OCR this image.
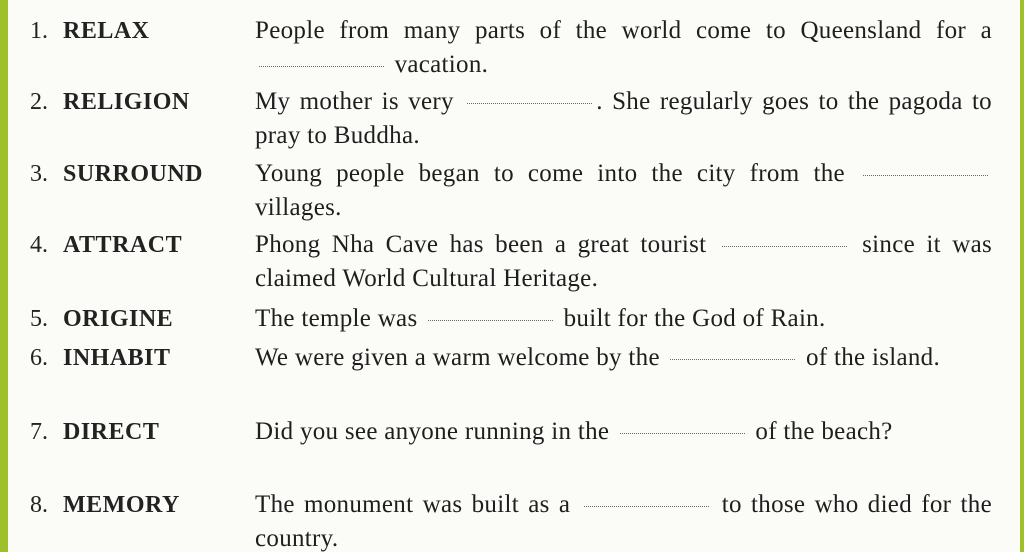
1. RELAX	People from many parts of the world come to Queensland for a  vacation.
2. RELIGION	My mother is very	. She regularly goes to the pagoda to pray to Buddha.
3. SURROUND Young people began to come into the city from the  villages.
4. ATTRACT	Phong Nha Cave has been a great tourist	since it was claimed World Cultural Heritage.
5. ORIGINE	The temple was	built for the God of Rain.
6. INHABIT	We were given a warm welcome by the	of the island.
7. DIRECT	Did you see anyone running in the	of the beach?
8. MEMORY	The monument was built as a	to those who died for the country.
